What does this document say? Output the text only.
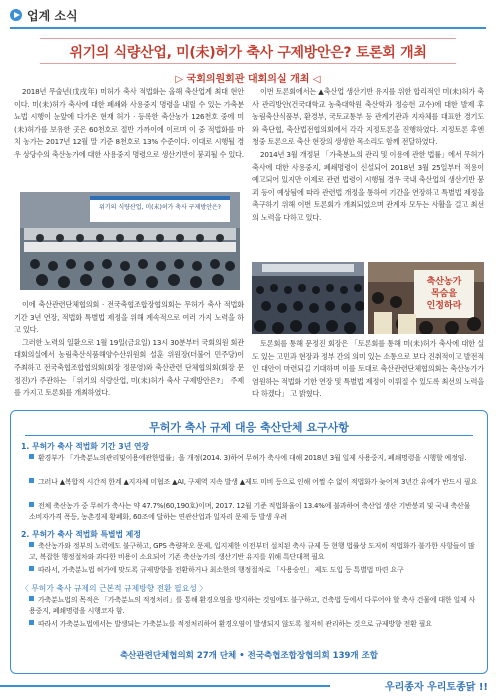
업계 소식
위기의 식량산업, 미(未)허가 축사 구제방안은? 토론회 개최
▷ 국회의원회관 대회의실 개최 ◁

2018년 무술년(戊戌年) 미허가 축사 적법화는 올해 축산업계 최대 현안이다. 미(未)허가 축사에 대한 폐쇄와 사용중지 명령을 내릴 수 있는 가축분뇨법 시행이 눈앞에 다가온 현재 허가 · 등록한 축산농가 126천호 중에 미(未)허가를 보유한 곳은 60천호로 절반 가까이에 이르며 이 중 적법화를 마치 농가는 2017년 12월 말 기준 8천호로 13% 수준이다. 이대로 시행될 경우 상당수의 축산농가에 대한 사용중지 명령으로 생산기반이 붕괴될 수 있다.

위기의 식량산업, 미(未)허가 축사 구제방안은?

이에 축산관련단체협의회 · 전국축협조합장협의회는 무허가 축사 적법화 기간 3년 연장, 적법화 특별법 제정을 위해 계속적으로 여러 가지 노력을 하고 있다.

그러한 노력의 일환으로 1월 19일(금요일) 13시 30분부터 국회의원 회관 대회의실에서 농림축산식품해양수산위원회 설훈 위원장(더불어 민주당)이 주최하고 전국축협조합협의회(회장 정문영)와 축산관련 단체협의회(회장 문정진)가 주관하는 「위기의 식량산업, 미(未)허가 축사 구제방안은?」 주제를 가지고 토론회를 개최하였다.

이번 토론회에서는 ▲축산업 생산기반 유지를 위한 합리적인 미(未)허가 축사 관리방안(건국대학교 농축대학원 축산학과 정승헌 교수)에 대한 발제 후 농림축산식품부, 환경부, 국토교통부 등 관계기관과 지자체를 대표한 경기도와 축단협, 축산법전협의회에서 각각 지정토론을 진행하였다. 지정토론 후엔 청중 토론으로 축산 현장의 생생한 목소리도 함께 전달하였다.

2014년 3월 개정된 「가축분뇨의 관리 및 이용에 관한 법률」에서 무허가 축사에 대한 사용중지, 폐쇄명령이 신설되어 2018년 3월 25일부터 적용이 예고되어 있지만 이제로 관련 법령이 시행될 경우 국내 축산업의 생산기반 붕괴 등이 예상됨에 따라 관련법 개정을 통하여 기간을 연장하고 특별법 제정을 촉구하기 위해 이번 토론회가 개최되었으며 관계자 모두는 사활을 걸고 최선의 노력을 다하고 있다.

축산농가
목숨을
인정하라

토론회를 통해 문정진 회장은 「토론회를 통해 미(未)허가 축사에 대한 실도 있는 고민과 현장과 정부 간의 의미 있는 소통으로 보다 진취적이고 발전적인 대안이 마련되길 기대하며 이를 토대로 축산관련단체협의회는 축산농가가 염원하는 적법화 기한 연장 및 특별법 제정이 이뤄질 수 있도록 최선의 노력을 다 하겠다」 고 밝혔다.

무허가 축사 규제 대응 축산단체 요구사항
1. 무허가 축사 적법화 기간 3년 연장
환경부가 「가축분뇨의관리및이용에관한법률」을 개정(2014. 3)하여 무허가 축사에 대해 2018년 3월 일제 사용중지, 폐쇄명령을 시행할 예정임.
그러나 ▲복합적 시간적 한계 ▲지자체 미협조 ▲AI, 구제역 지속 발생 ▲제도 미비 등으로 인해 어쩔 수 없이 적법화가 늦어져 3년간 유예가 반드시 필요
전체 축산농가 중 무허가 축사는 약 47.7%(60,190호)이며, 2017. 12월 기준 적법화율이 13.4%에 불과하여 축산업 생산 기반붕괴 및 국내 축산물 소비자가격 폭등, 농촌경제 황폐화, 60조에 달하는 연관산업과 일자리 문제 등 발생 우려
2. 무허가 축사 적법화 특별법 제정
축산농가와 정부의 노력에도 불구하고, GPS 측량착오 문제, 입지제한 이전부터 설치된 축사 규제 등 현행 법률상 도저히 적법화가 불가한 사항들이 많고, 복잡한 행정절차와 과다한 비용이 소요되어 기존 축산농가의 생산기반 유지를 위해 특단대책 필요
따라서, 가축분뇨법 허가에 맞도록 규제방향을 전환하거나 최소한의 행정절차로 「사용승인」 제도 도입 등 특별법 마련 요구
〈 무허가 축사 규제의 근본적 규제방향 전환 필요성 〉
가축분뇨법의 목적은 「가축분뇨의 적정처리」를 통해 환경오염을 방지하는 것임에도 불구하고, 건축법 등에서 다루어야 할 축사 건물에 대한 일제 사용중지, 폐쇄명령을 시행코자 함.
따라서 가축분뇨법에서는 발생되는 가축분뇨를 적정처리하여 환경오염이 발생되지 않도록 철저히 관리하는 것으로 규제방향 전환 필요
축산관련단체협의회 27개 단체 • 전국축협조합장협의회 139개 조합
우리종자 우리토종닭 !!
